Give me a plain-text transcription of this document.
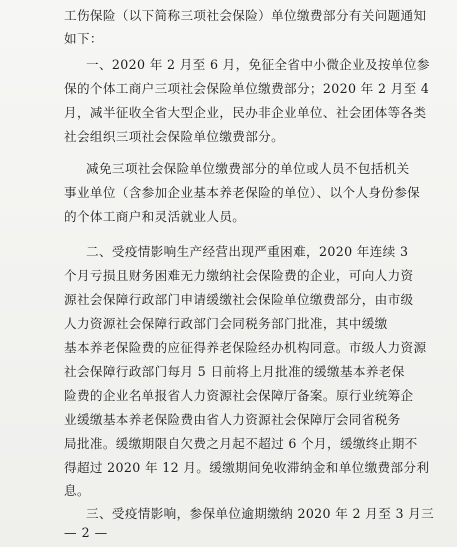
工伤保险（以下简称三项社会保险）单位缴费部分有关问题通知
如下：
一、2020 年 2 月至 6 月，免征全省中小微企业及按单位参
保的个体工商户三项社会保险单位缴费部分；2020 年 2 月至 4
月，减半征收全省大型企业，民办非企业单位、社会团体等各类
社会组织三项社会保险单位缴费部分。
减免三项社会保险单位缴费部分的单位或人员不包括机关
事业单位（含参加企业基本养老保险的单位）、以个人身份参保
的个体工商户和灵活就业人员。
二、受疫情影响生产经营出现严重困难，2020 年连续 3
个月亏损且财务困难无力缴纳社会保险费的企业，可向人力资
源社会保障行政部门申请缓缴社会保险单位缴费部分，由市级
人力资源社会保障行政部门会同税务部门批准，其中缓缴
基本养老保险费的应征得养老保险经办机构同意。市级人力资源
社会保障行政部门每月 5 日前将上月批准的缓缴基本养老保
险费的企业名单报省人力资源社会保障厅备案。原行业统筹企
业缓缴基本养老保险费由省人力资源社会保障厅会同省税务
局批准。缓缴期限自欠费之月起不超过 6 个月，缓缴终止期不
得超过 2020 年 12 月。缓缴期间免收滞纳金和单位缴费部分利
息。
三、受疫情影响，参保单位逾期缴纳 2020 年 2 月至 3 月三
— 2 —
